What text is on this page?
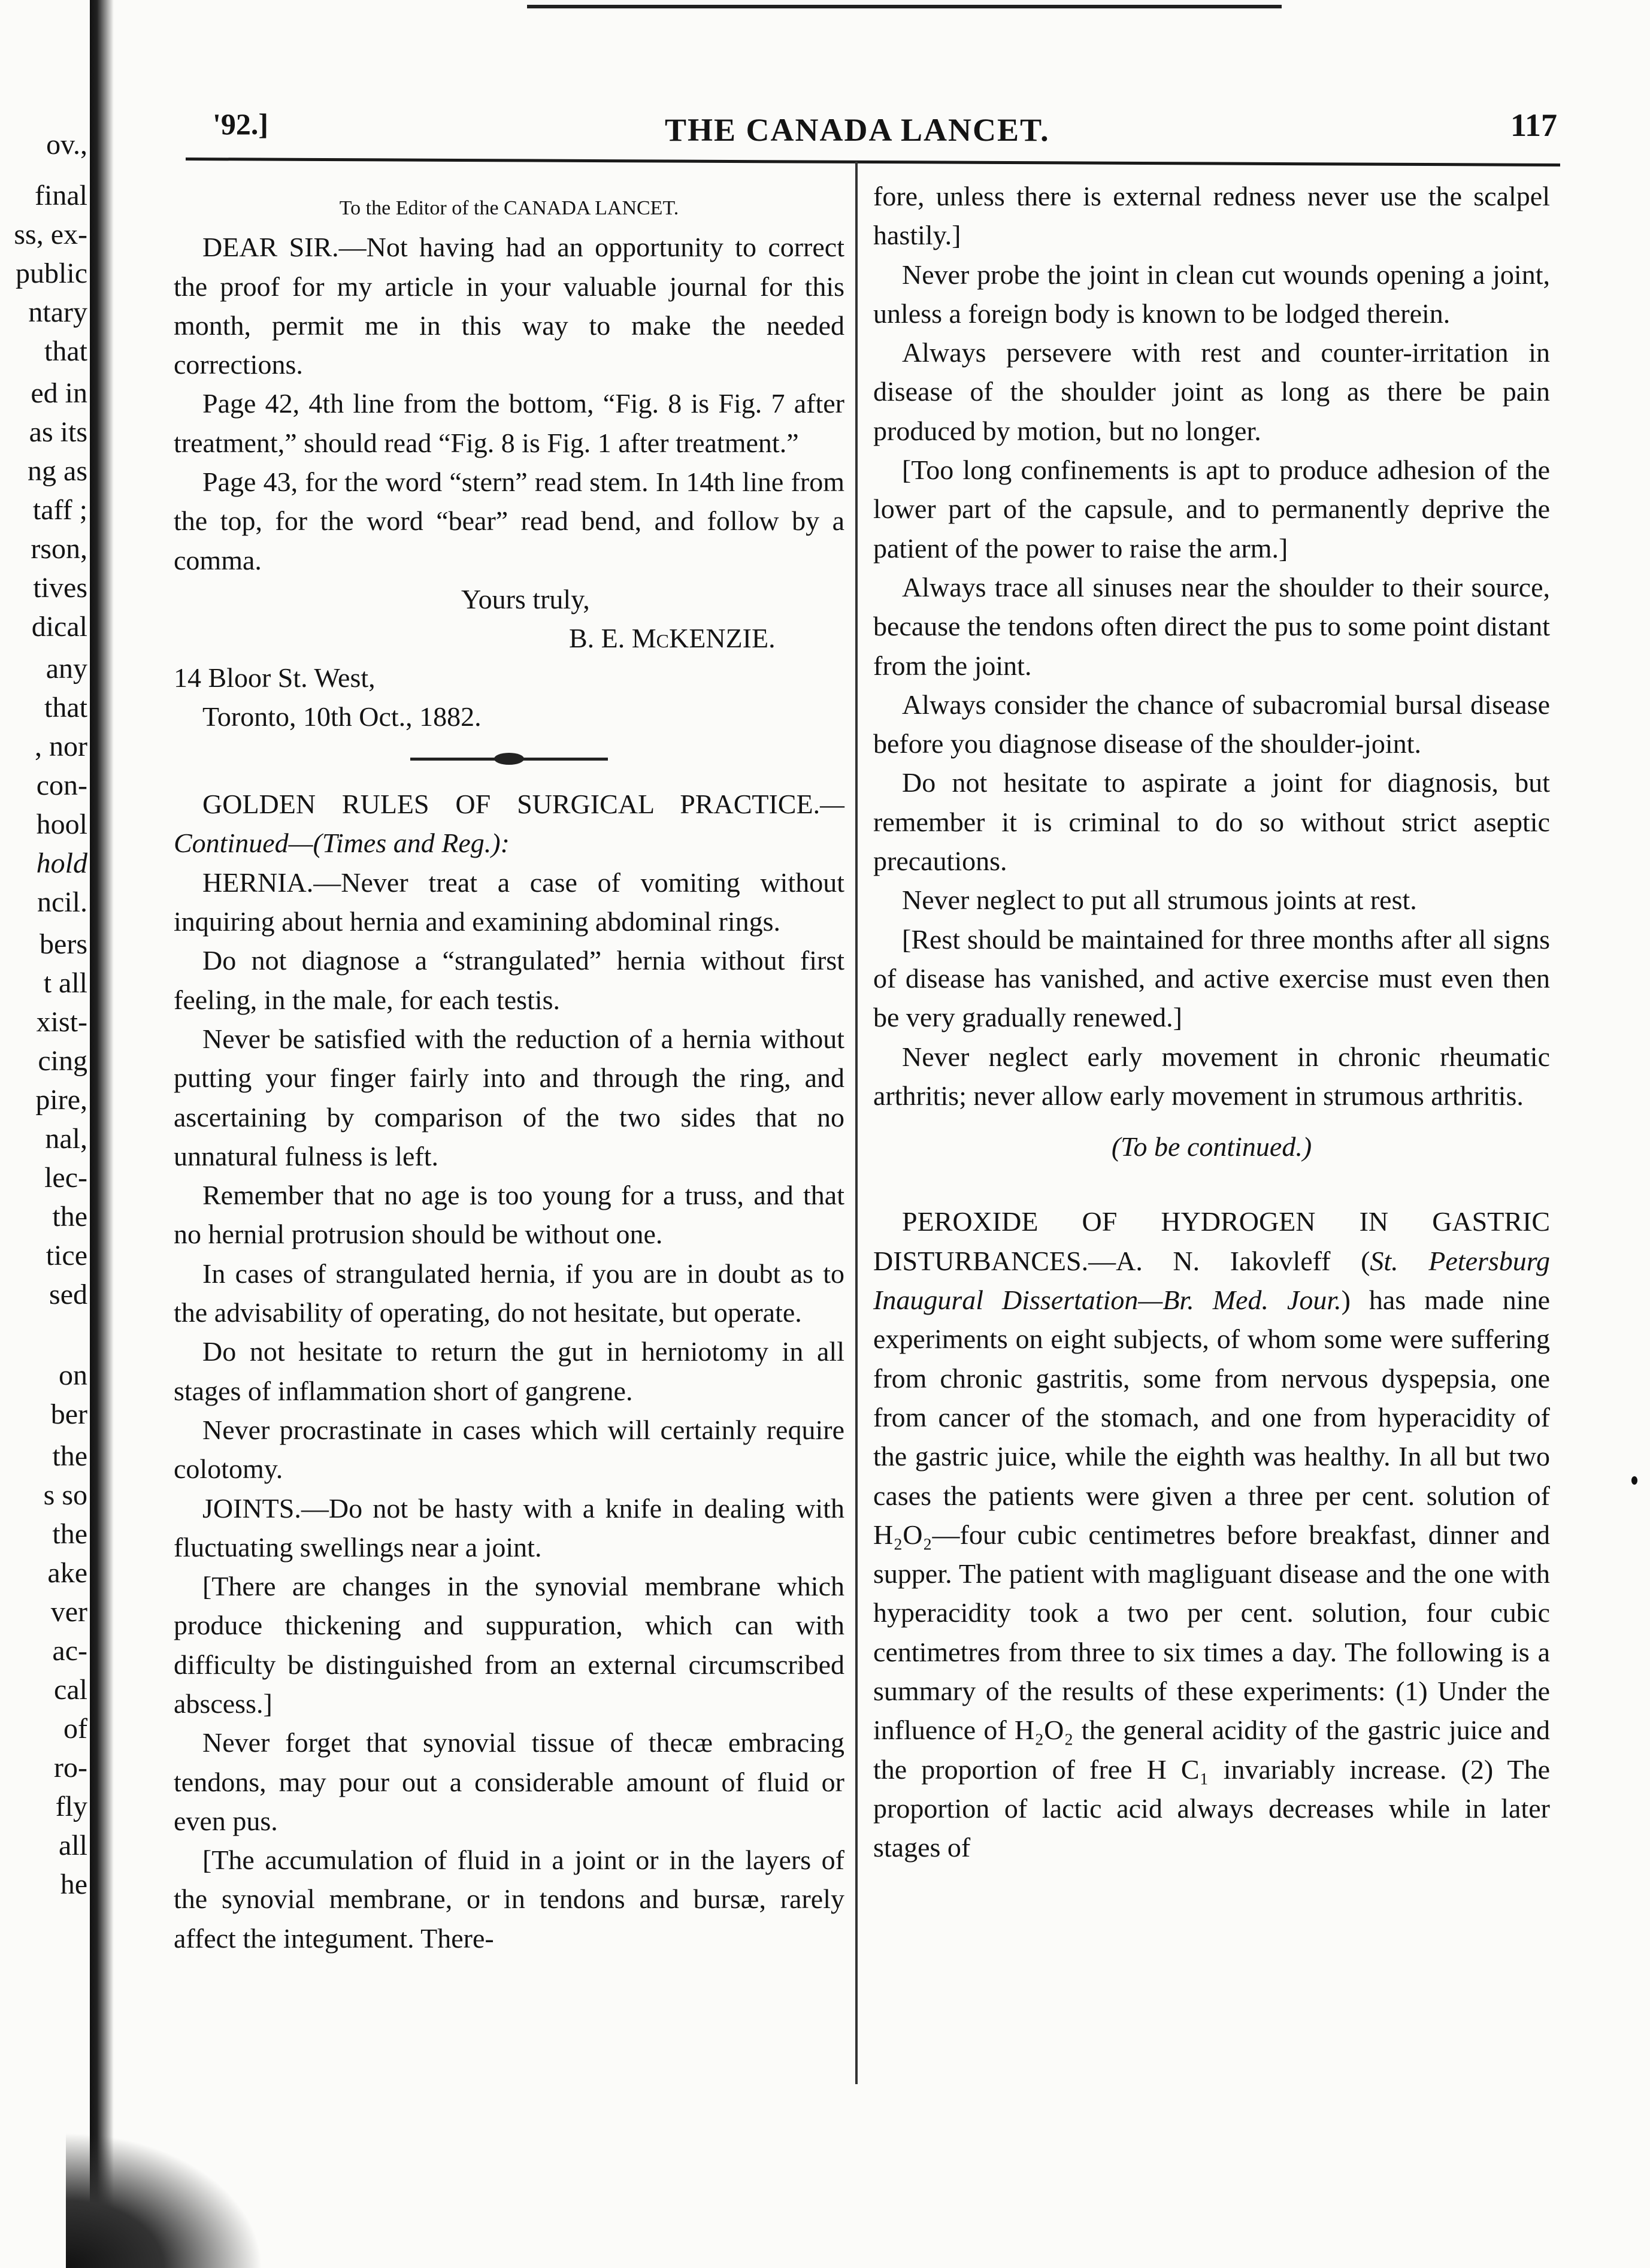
ov.,
final
ss, ex-
public
ntary
that
ed in
as its
ng as
taff ;
rson,
tives
dical
any
that
, nor
con-
hool
hold
ncil.
bers
t all
xist-
cing
pire,
nal,
lec-
the
tice
sed
on
ber
the
s so
the
ake
ver
ac-
cal
of
ro-
fly
all
he
'92.]	THE CANADA LANCET.	117

To the Editor of the CANADA LANCET.

DEAR SIR.—Not having had an opportunity to correct the proof for my article in your valuable journal for this month, permit me in this way to make the needed corrections.

Page 42, 4th line from the bottom, “Fig. 8 is Fig. 7 after treatment,” should read “Fig. 8 is Fig. 1 after treatment.”

Page 43, for the word “stern” read stem. In 14th line from the top, for the word “bear” read bend, and follow by a comma.

Yours truly,

B. E. McKENZIE.

14 Bloor St. West,

Toronto, 10th Oct., 1882.

GOLDEN RULES OF SURGICAL PRACTICE.—Continued—(Times and Reg.):

HERNIA.—Never treat a case of vomiting without inquiring about hernia and examining abdominal rings.

Do not diagnose a “strangulated” hernia without first feeling, in the male, for each testis.

Never be satisfied with the reduction of a hernia without putting your finger fairly into and through the ring, and ascertaining by comparison of the two sides that no unnatural fulness is left.

Remember that no age is too young for a truss, and that no hernial protrusion should be without one.

In cases of strangulated hernia, if you are in doubt as to the advisability of operating, do not hesitate, but operate.

Do not hesitate to return the gut in herniotomy in all stages of inflammation short of gangrene.

Never procrastinate in cases which will certainly require colotomy.

JOINTS.—Do not be hasty with a knife in dealing with fluctuating swellings near a joint.

[There are changes in the synovial membrane which produce thickening and suppuration, which can with difficulty be distinguished from an external circumscribed abscess.]

Never forget that synovial tissue of thecæ embracing tendons, may pour out a considerable amount of fluid or even pus.

[The accumulation of fluid in a joint or in the layers of the synovial membrane, or in tendons and bursæ, rarely affect the integument. There-

fore, unless there is external redness never use the scalpel hastily.]

Never probe the joint in clean cut wounds opening a joint, unless a foreign body is known to be lodged therein.

Always persevere with rest and counter-irritation in disease of the shoulder joint as long as there be pain produced by motion, but no longer.

[Too long confinements is apt to produce adhesion of the lower part of the capsule, and to permanently deprive the patient of the power to raise the arm.]

Always trace all sinuses near the shoulder to their source, because the tendons often direct the pus to some point distant from the joint.

Always consider the chance of subacromial bursal disease before you diagnose disease of the shoulder-joint.

Do not hesitate to aspirate a joint for diagnosis, but remember it is criminal to do so without strict aseptic precautions.

Never neglect to put all strumous joints at rest.

[Rest should be maintained for three months after all signs of disease has vanished, and active exercise must even then be very gradually renewed.]

Never neglect early movement in chronic rheumatic arthritis; never allow early movement in strumous arthritis.

(To be continued.)

PEROXIDE OF HYDROGEN IN GASTRIC DISTURBANCES.—A. N. Iakovleff (St. Petersburg Inaugural Dissertation—Br. Med. Jour.) has made nine experiments on eight subjects, of whom some were suffering from chronic gastritis, some from nervous dyspepsia, one from cancer of the stomach, and one from hyperacidity of the gastric juice, while the eighth was healthy. In all but two cases the patients were given a three per cent. solution of H₂O₂—four cubic centimetres before breakfast, dinner and supper. The patient with magliguant disease and the one with hyperacidity took a two per cent. solution, four cubic centimetres from three to six times a day. The following is a summary of the results of these experiments: (1) Under the influence of H₂O₂ the general acidity of the gastric juice and the proportion of free H C₁ invariably increase. (2) The proportion of lactic acid always decreases while in later stages of
